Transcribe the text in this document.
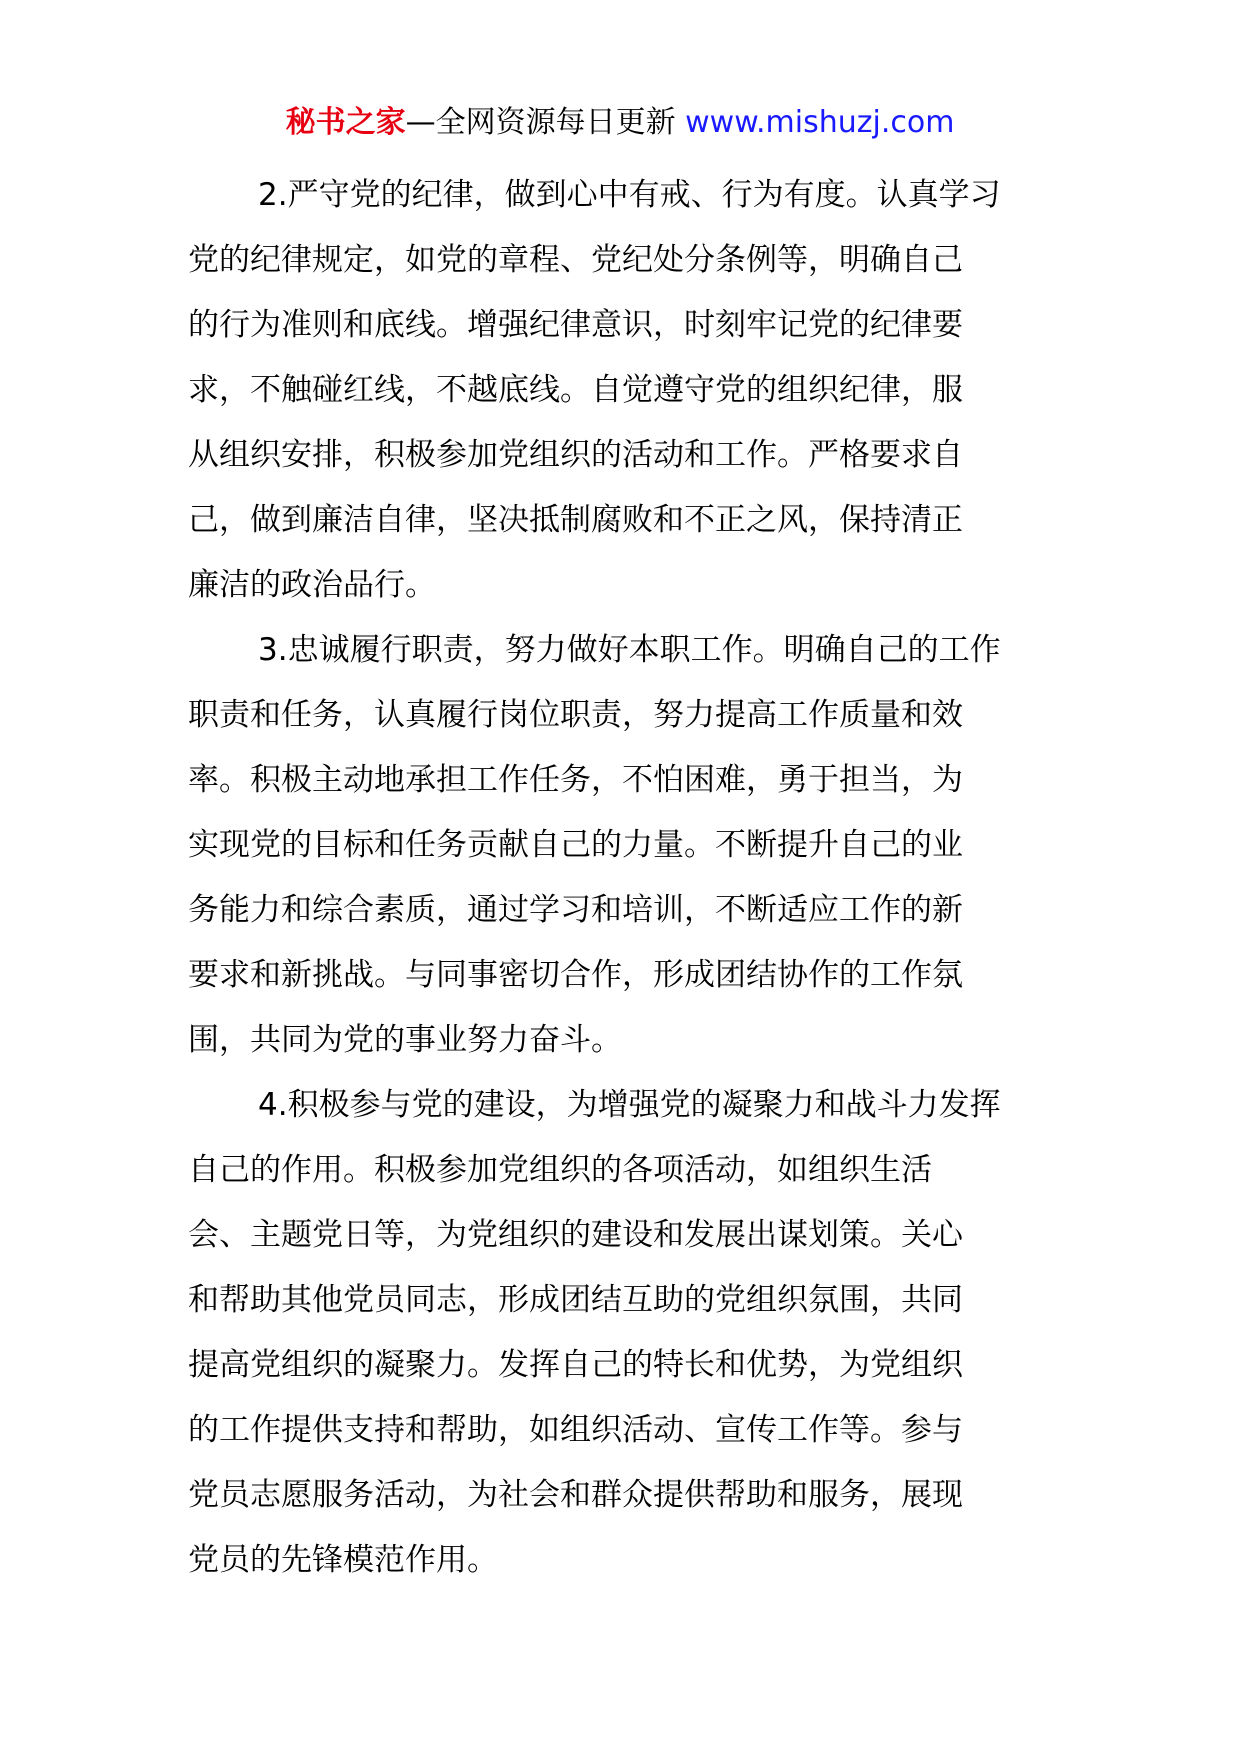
秘书之家—全网资源每日更新 www.mishuzj.com
2.严守党的纪律，做到心中有戒、行为有度。认真学习
党的纪律规定，如党的章程、党纪处分条例等，明确自己
的行为准则和底线。增强纪律意识，时刻牢记党的纪律要
求，不触碰红线，不越底线。自觉遵守党的组织纪律，服
从组织安排，积极参加党组织的活动和工作。严格要求自
己，做到廉洁自律，坚决抵制腐败和不正之风，保持清正
廉洁的政治品行。
3.忠诚履行职责，努力做好本职工作。明确自己的工作
职责和任务，认真履行岗位职责，努力提高工作质量和效
率。积极主动地承担工作任务，不怕困难，勇于担当，为
实现党的目标和任务贡献自己的力量。不断提升自己的业
务能力和综合素质，通过学习和培训，不断适应工作的新
要求和新挑战。与同事密切合作，形成团结协作的工作氛
围，共同为党的事业努力奋斗。
4.积极参与党的建设，为增强党的凝聚力和战斗力发挥
自己的作用。积极参加党组织的各项活动，如组织生活
会、主题党日等，为党组织的建设和发展出谋划策。关心
和帮助其他党员同志，形成团结互助的党组织氛围，共同
提高党组织的凝聚力。发挥自己的特长和优势，为党组织
的工作提供支持和帮助，如组织活动、宣传工作等。参与
党员志愿服务活动，为社会和群众提供帮助和服务，展现
党员的先锋模范作用。
